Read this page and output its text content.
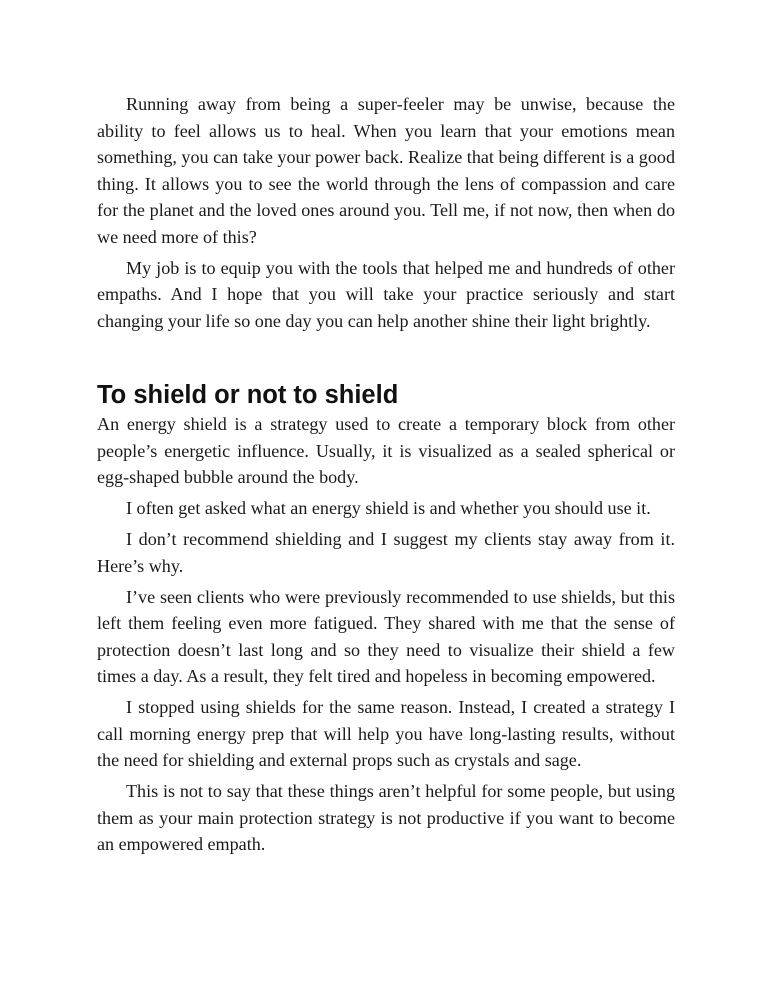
Running away from being a super-feeler may be unwise, because the ability to feel allows us to heal. When you learn that your emotions mean something, you can take your power back. Realize that being different is a good thing. It allows you to see the world through the lens of compassion and care for the planet and the loved ones around you. Tell me, if not now, then when do we need more of this?

My job is to equip you with the tools that helped me and hundreds of other empaths. And I hope that you will take your practice seriously and start changing your life so one day you can help another shine their light brightly.

To shield or not to shield

An energy shield is a strategy used to create a temporary block from other people’s energetic influence. Usually, it is visualized as a sealed spherical or egg-shaped bubble around the body.

I often get asked what an energy shield is and whether you should use it.

I don’t recommend shielding and I suggest my clients stay away from it. Here’s why.

I’ve seen clients who were previously recommended to use shields, but this left them feeling even more fatigued. They shared with me that the sense of protection doesn’t last long and so they need to visualize their shield a few times a day. As a result, they felt tired and hopeless in becoming empowered.

I stopped using shields for the same reason. Instead, I created a strategy I call morning energy prep that will help you have long-lasting results, without the need for shielding and external props such as crystals and sage.

This is not to say that these things aren’t helpful for some people, but using them as your main protection strategy is not productive if you want to become an empowered empath.
